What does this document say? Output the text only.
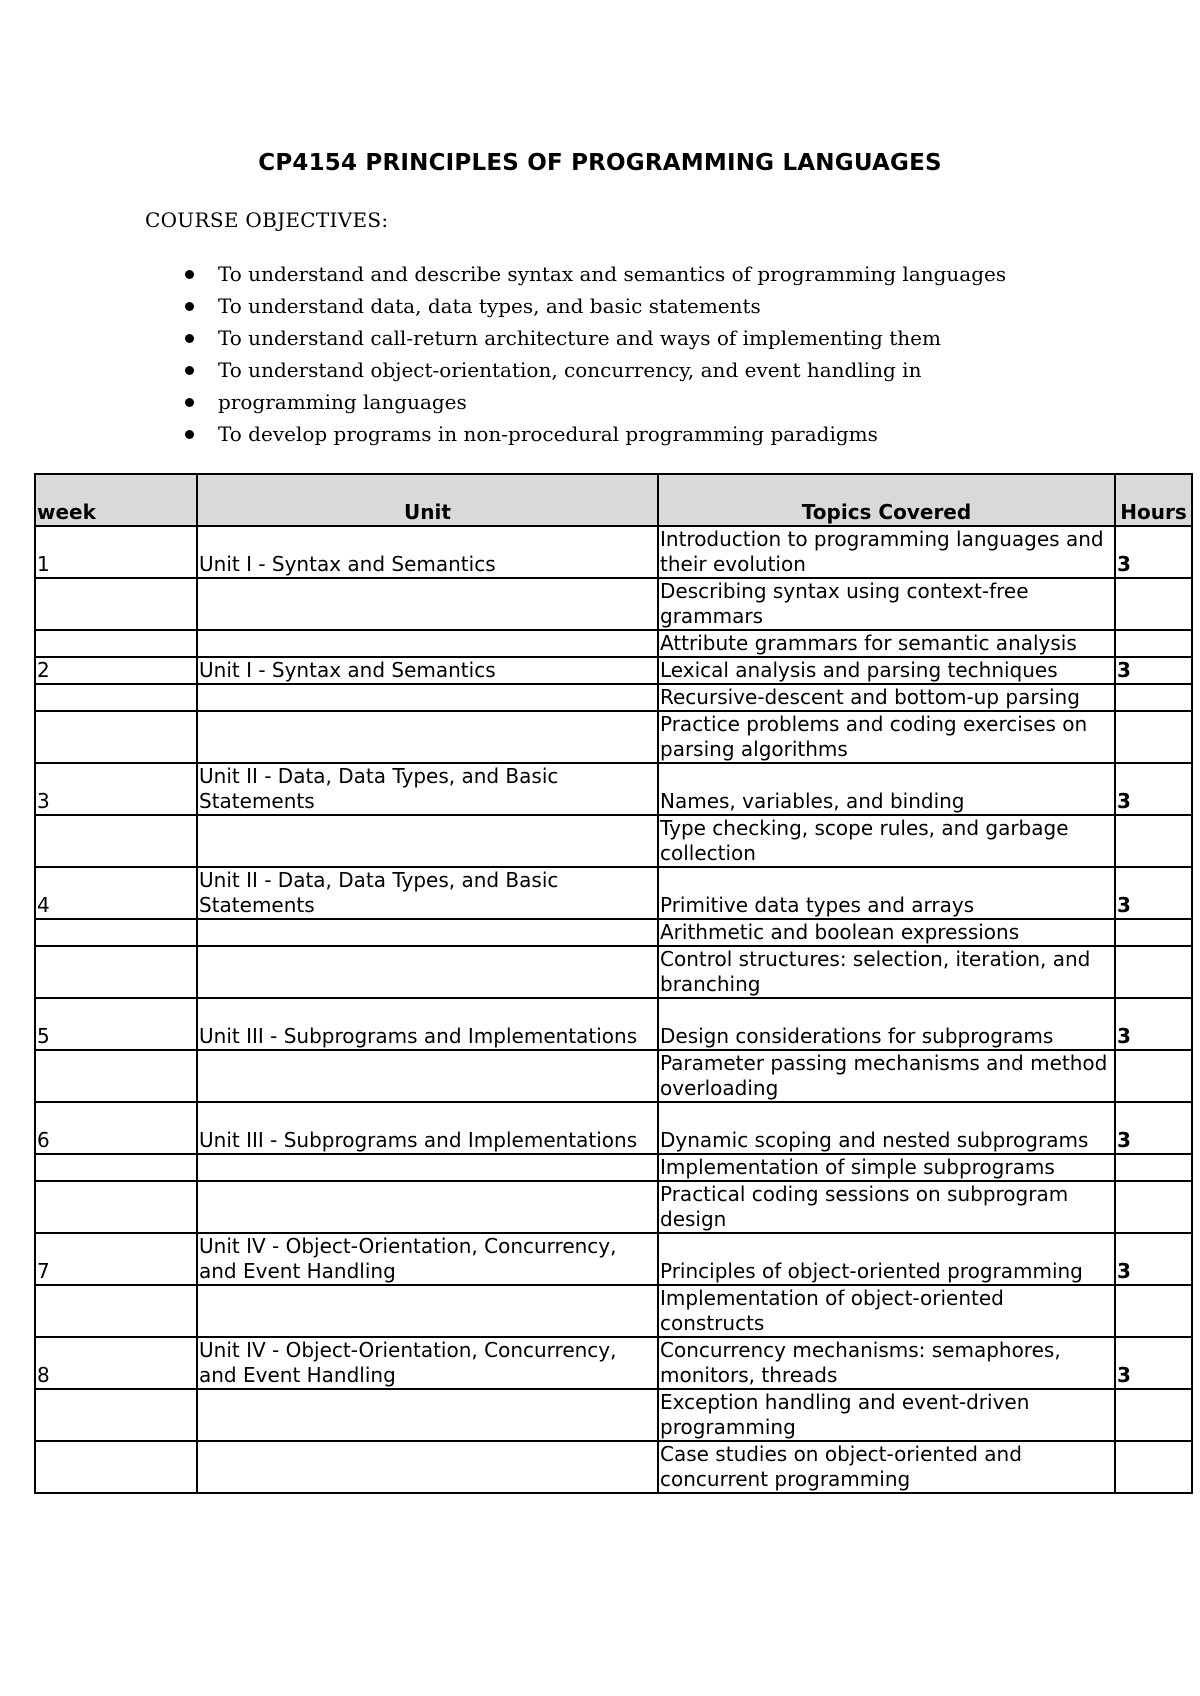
CP4154 PRINCIPLES OF PROGRAMMING LANGUAGES
COURSE OBJECTIVES:
To understand and describe syntax and semantics of programming languages
To understand data, data types, and basic statements
To understand call-return architecture and ways of implementing them
To understand object-orientation, concurrency, and event handling in
programming languages
To develop programs in non-procedural programming paradigms
week	Unit	Topics Covered	Hours
1	Unit I - Syntax and Semantics	Introduction to programming languages and their evolution	3
		Describing syntax using context-free grammars	
		Attribute grammars for semantic analysis	
2	Unit I - Syntax and Semantics	Lexical analysis and parsing techniques	3
		Recursive-descent and bottom-up parsing	
		Practice problems and coding exercises on parsing algorithms	
3	Unit II - Data, Data Types, and Basic Statements	Names, variables, and binding	3
		Type checking, scope rules, and garbage collection	
4	Unit II - Data, Data Types, and Basic Statements	Primitive data types and arrays	3
		Arithmetic and boolean expressions	
		Control structures: selection, iteration, and branching	
5	Unit III - Subprograms and Implementations	Design considerations for subprograms	3
		Parameter passing mechanisms and method overloading	
6	Unit III - Subprograms and Implementations	Dynamic scoping and nested subprograms	3
		Implementation of simple subprograms	
		Practical coding sessions on subprogram design	
7	Unit IV - Object-Orientation, Concurrency, and Event Handling	Principles of object-oriented programming	3
		Implementation of object-oriented constructs	
8	Unit IV - Object-Orientation, Concurrency, and Event Handling	Concurrency mechanisms: semaphores, monitors, threads	3
		Exception handling and event-driven programming	
		Case studies on object-oriented and concurrent programming	
